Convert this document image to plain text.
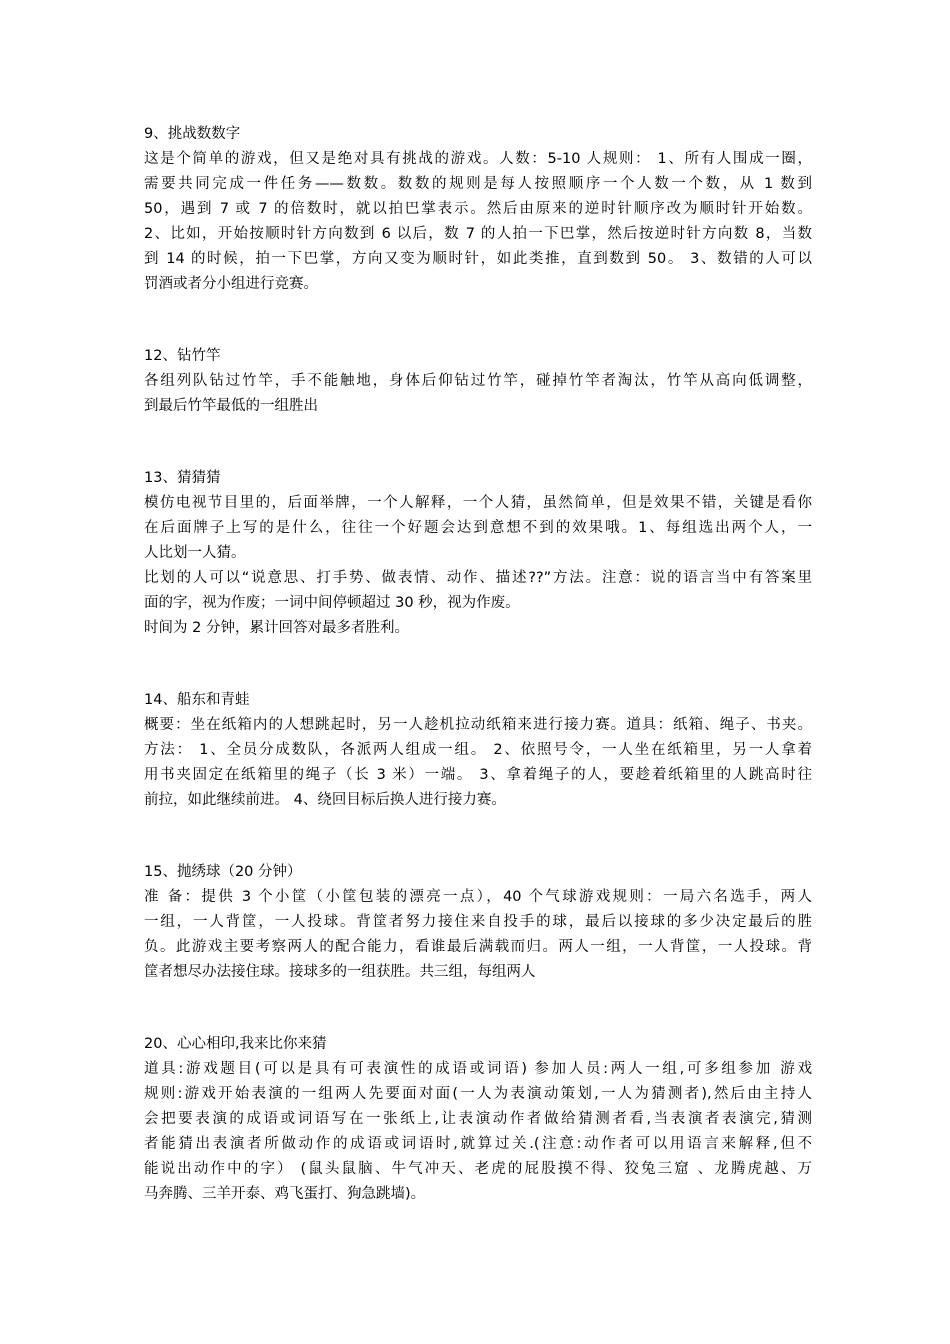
9、挑战数数字

这是个简单的游戏，但又是绝对具有挑战的游戏。人数：5-10 人规则： 1、所有人围成一圈，
需要共同完成一件任务——数数。数数的规则是每人按照顺序一个人数一个数，从 1 数到
50，遇到 7 或 7 的倍数时，就以拍巴掌表示。然后由原来的逆时针顺序改为顺时针开始数。
2、比如，开始按顺时针方向数到 6 以后，数 7 的人拍一下巴掌，然后按逆时针方向数 8，当数
到 14 的时候，拍一下巴掌，方向又变为顺时针，如此类推，直到数到 50。 3、数错的人可以
罚酒或者分小组进行竞赛。

12、钻竹竿

各组列队钻过竹竿，手不能触地，身体后仰钻过竹竿，碰掉竹竿者淘汰，竹竿从高向低调整，
到最后竹竿最低的一组胜出

13、猜猜猜

模仿电视节目里的，后面举牌，一个人解释，一个人猜，虽然简单，但是效果不错，关键是看你
在后面牌子上写的是什么，往往一个好题会达到意想不到的效果哦。1、每组选出两个人，一
人比划一人猜。
比划的人可以“说意思、打手势、做表情、动作、描述??”方法。注意：说的语言当中有答案里
面的字，视为作废；一词中间停顿超过 30 秒，视为作废。
时间为 2 分钟，累计回答对最多者胜利。

14、船东和青蛙

概要：坐在纸箱内的人想跳起时，另一人趁机拉动纸箱来进行接力赛。道具：纸箱、绳子、书夹。
方法： 1、全员分成数队，各派两人组成一组。 2、依照号令，一人坐在纸箱里，另一人拿着
用书夹固定在纸箱里的绳子（长 3 米）一端。 3、拿着绳子的人，要趁着纸箱里的人跳高时往
前拉，如此继续前进。 4、绕回目标后换人进行接力赛。

15、抛绣球（20 分钟）

准 备：提供 3 个小筐（小筐包装的漂亮一点），40 个气球游戏规则：一局六名选手，两人
一组，一人背筐，一人投球。背筐者努力接住来自投手的球，最后以接球的多少决定最后的胜
负。此游戏主要考察两人的配合能力，看谁最后满载而归。两人一组，一人背筐，一人投球。背
筐者想尽办法接住球。接球多的一组获胜。共三组，每组两人

20、心心相印,我来比你来猜

道具:游戏题目(可以是具有可表演性的成语或词语) 参加人员:两人一组,可多组参加 游戏
规则:游戏开始表演的一组两人先要面对面(一人为表演动策划,一人为猜测者),然后由主持人
会把要表演的成语或词语写在一张纸上,让表演动作者做给猜测者看,当表演者表演完,猜测
者能猜出表演者所做动作的成语或词语时,就算过关.(注意:动作者可以用语言来解释,但不
能说出动作中的字） (鼠头鼠脑、牛气冲天、老虎的屁股摸不得、狡兔三窟 、龙腾虎越、万
马奔腾、三羊开泰、鸡飞蛋打、狗急跳墙)。
